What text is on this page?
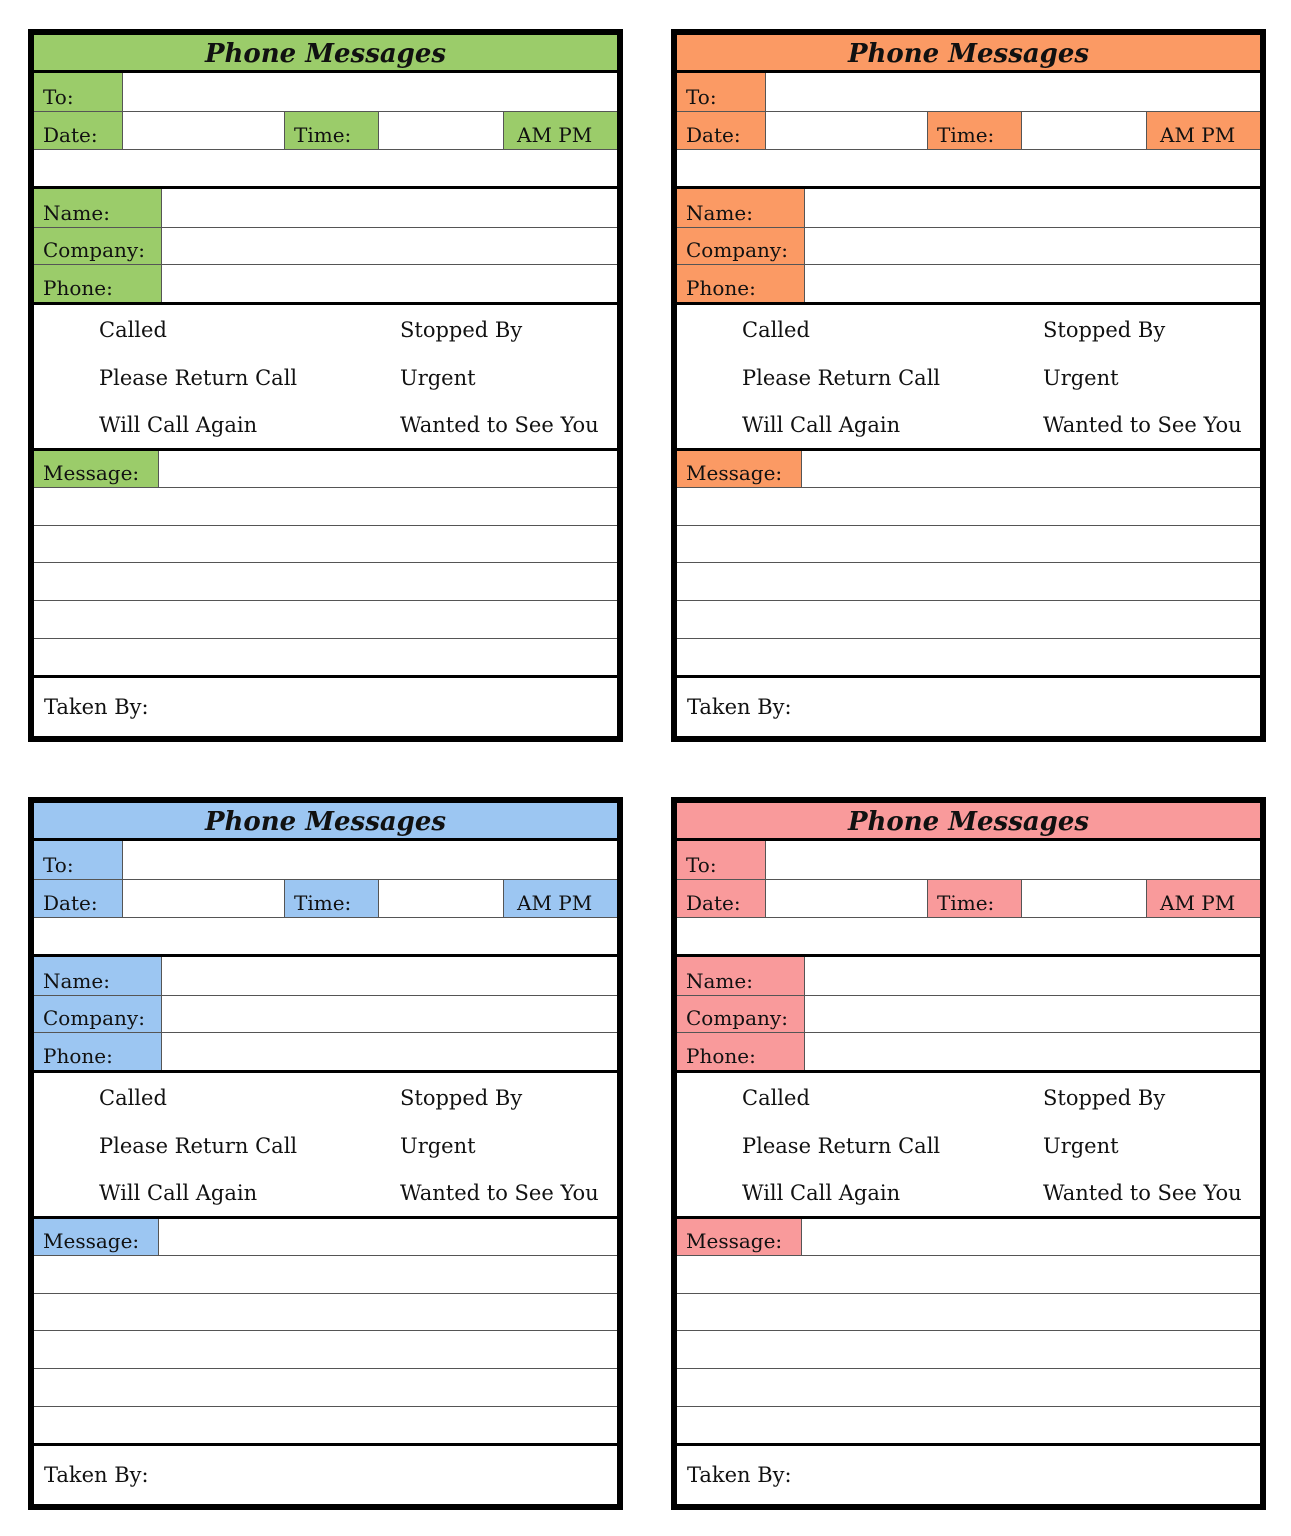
Phone Messages
To:
Date:	Time:	AM PM
Name:
Company:
Phone:
Called	Stopped By
Please Return Call	Urgent
Will Call Again	Wanted to See You
Message:
Taken By:
Phone Messages
To:
Date:	Time:	AM PM
Name:
Company:
Phone:
Called	Stopped By
Please Return Call	Urgent
Will Call Again	Wanted to See You
Message:
Taken By:
Phone Messages
To:
Date:	Time:	AM PM
Name:
Company:
Phone:
Called	Stopped By
Please Return Call	Urgent
Will Call Again	Wanted to See You
Message:
Taken By:
Phone Messages
To:
Date:	Time:	AM PM
Name:
Company:
Phone:
Called	Stopped By
Please Return Call	Urgent
Will Call Again	Wanted to See You
Message:
Taken By:
